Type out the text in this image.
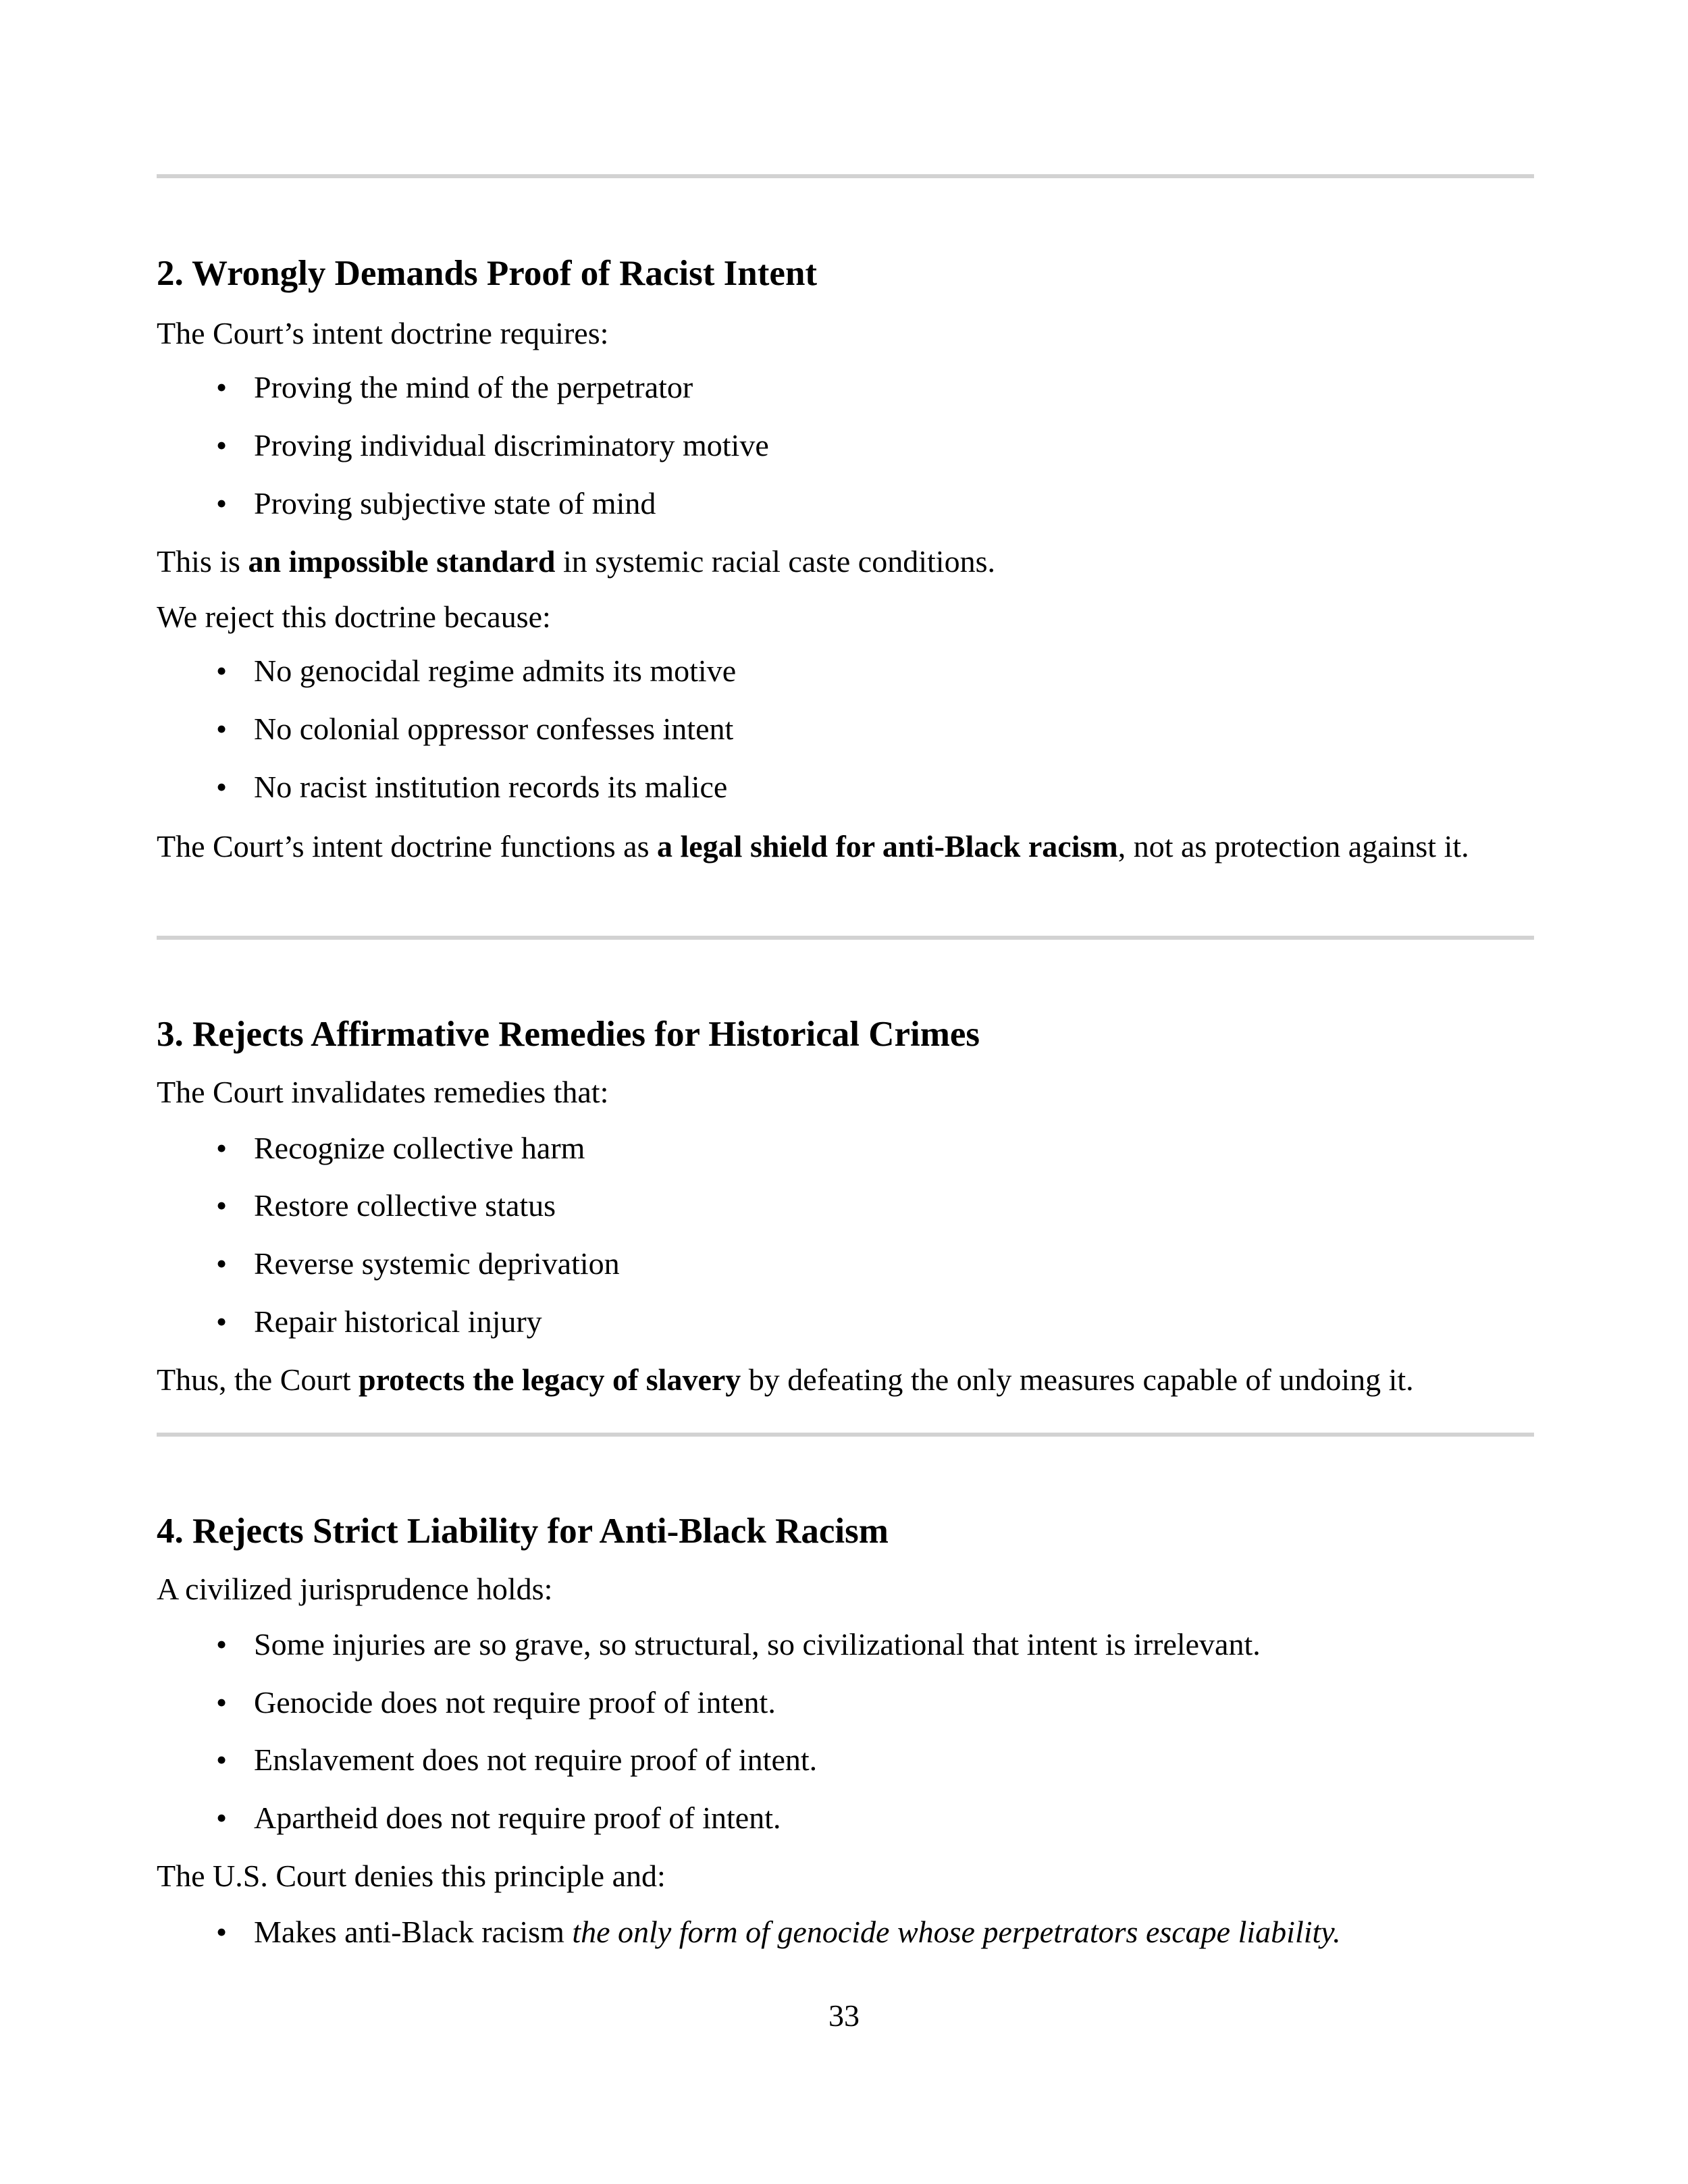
2. Wrongly Demands Proof of Racist Intent

The Court’s intent doctrine requires:

• Proving the mind of the perpetrator

• Proving individual discriminatory motive

• Proving subjective state of mind

This is an impossible standard in systemic racial caste conditions.

We reject this doctrine because:

• No genocidal regime admits its motive

• No colonial oppressor confesses intent

• No racist institution records its malice

The Court’s intent doctrine functions as a legal shield for anti-Black racism, not as protection against it.

3. Rejects Affirmative Remedies for Historical Crimes

The Court invalidates remedies that:

• Recognize collective harm

• Restore collective status

• Reverse systemic deprivation

• Repair historical injury

Thus, the Court protects the legacy of slavery by defeating the only measures capable of undoing it.

4. Rejects Strict Liability for Anti-Black Racism

A civilized jurisprudence holds:

• Some injuries are so grave, so structural, so civilizational that intent is irrelevant.

• Genocide does not require proof of intent.

• Enslavement does not require proof of intent.

• Apartheid does not require proof of intent.

The U.S. Court denies this principle and:

• Makes anti-Black racism the only form of genocide whose perpetrators escape liability.

33
